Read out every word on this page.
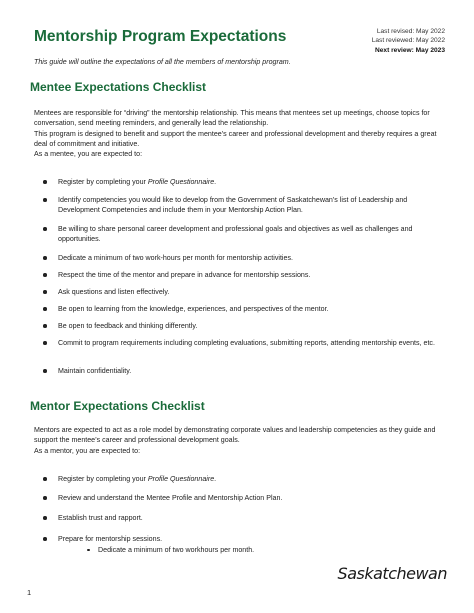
Mentorship Program Expectations	Last revised: May 2022
Last reviewed: May 2022
Next review: May 2023
This guide will outline the expectations of all the members of mentorship program.
Mentee Expectations Checklist

Mentees are responsible for “driving” the mentorship relationship. This means that mentees set up meetings, choose topics for conversation, send meeting reminders, and generally lead the relationship.

This program is designed to benefit and support the mentee’s career and professional development and thereby requires a great deal of commitment and initiative.

As a mentee, you are expected to:

Register by completing your Profile Questionnaire.
Identify competencies you would like to develop from the Government of Saskatchewan’s list of Leadership and Development Competencies and include them in your Mentorship Action Plan.
Be willing to share personal career development and professional goals and objectives as well as challenges and opportunities.
Dedicate a minimum of two work-hours per month for mentorship activities.
Respect the time of the mentor and prepare in advance for mentorship sessions.
Ask questions and listen effectively.
Be open to learning from the knowledge, experiences, and perspectives of the mentor.
Be open to feedback and thinking differently.
Commit to program requirements including completing evaluations, submitting reports, attending mentorship events, etc.
Maintain confidentiality.
Mentor Expectations Checklist

Mentors are expected to act as a role model by demonstrating corporate values and leadership competencies as they guide and support the mentee’s career and professional development goals.

As a mentor, you are expected to:

Register by completing your Profile Questionnaire.
Review and understand the Mentee Profile and Mentorship Action Plan.
Establish trust and rapport.
Prepare for mentorship sessions.
Dedicate a minimum of two workhours per month.
1
Saskatchewan
